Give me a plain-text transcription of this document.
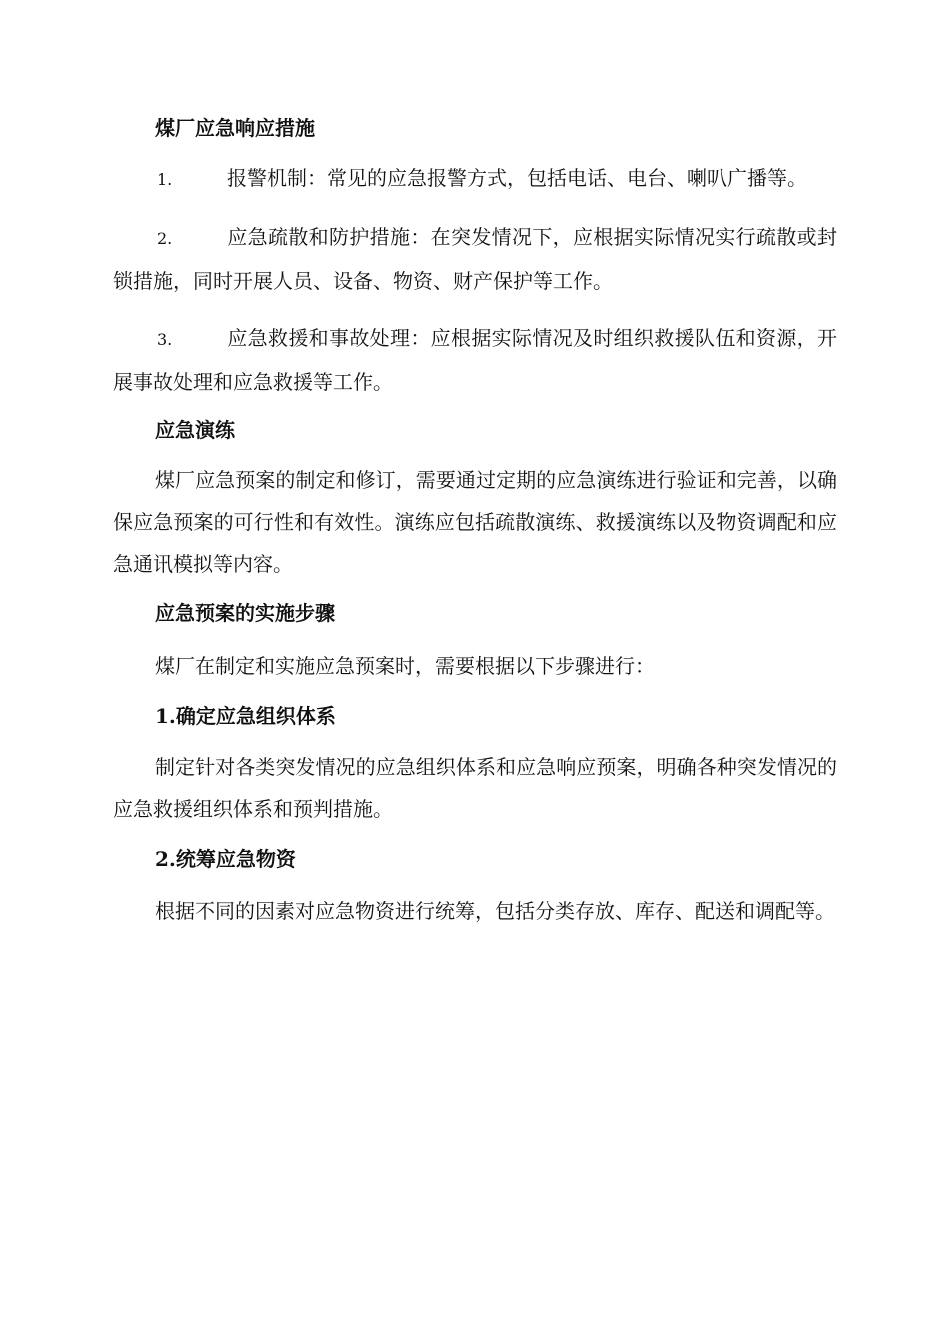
煤厂应急响应措施

1.	报警机制：常见的应急报警方式，包括电话、电台、喇叭广播等。

2.	应急疏散和防护措施：在突发情况下，应根据实际情况实行疏散或封锁措施，同时开展人员、设备、物资、财产保护等工作。

3.	应急救援和事故处理：应根据实际情况及时组织救援队伍和资源，开展事故处理和应急救援等工作。

应急演练

煤厂应急预案的制定和修订，需要通过定期的应急演练进行验证和完善，以确保应急预案的可行性和有效性。演练应包括疏散演练、救援演练以及物资调配和应急通讯模拟等内容。

应急预案的实施步骤

煤厂在制定和实施应急预案时，需要根据以下步骤进行：

1.确定应急组织体系

制定针对各类突发情况的应急组织体系和应急响应预案，明确各种突发情况的应急救援组织体系和预判措施。

2.统筹应急物资

根据不同的因素对应急物资进行统筹，包括分类存放、库存、配送和调配等。
